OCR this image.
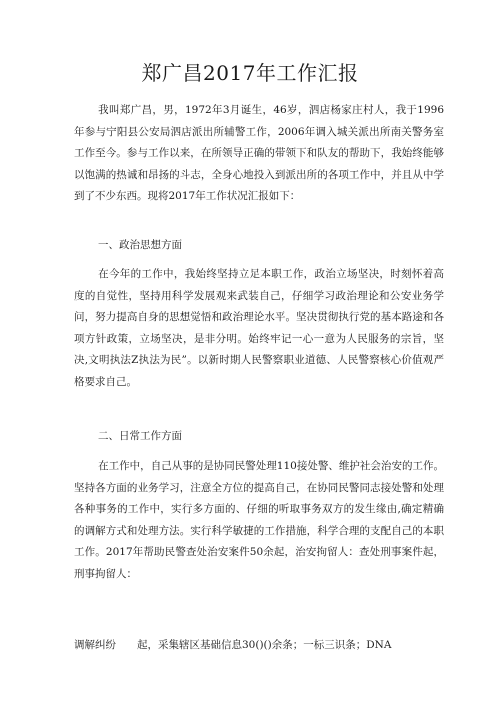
郑广昌2017年工作汇报

我叫郑广昌，男，1972年3月诞生，46岁，泗店杨家庄村人，我于1996年参与宁阳县公安局泗店派出所辅警工作，2006年调入城关派出所南关警务室工作至今。参与工作以来，在所领导正确的带领下和队友的帮助下，我始终能够以饱满的热诚和昂扬的斗志，全身心地投入到派出所的各项工作中，并且从中学到了不少东西。现将2017年工作状况汇报如下：

一、政治思想方面

在今年的工作中，我始终坚持立足本职工作，政治立场坚决，时刻怀着高度的自觉性，坚持用科学发展观来武装自己，仔细学习政治理论和公安业务学问，努力提高自身的思想觉悟和政治理论水平。坚决贯彻执行党的基本路途和各项方针政策，立场坚决，是非分明。始终牢记一心一意为人民服务的宗旨，坚决,文明执法Z执法为民”。以新时期人民警察职业道德、人民警察核心价值观严格要求自己。

二、日常工作方面

在工作中，自己从事的是协同民警处理110接处警、维护社会治安的工作。坚持各方面的业务学习，注意全方位的提高自己，在协同民警同志接处警和处理各种事务的工作中，实行多方面的、仔细的听取事务双方的发生缘由,确定精确的调解方式和处理方法。实行科学敏捷的工作措施，科学合理的支配自己的本职工作。2017年帮助民警查处治安案件50余起，治安拘留人：查处刑事案件起，刑事拘留人：

调解纠纷　　起，采集辖区基础信息30()()余条；一标三识条；DNA
